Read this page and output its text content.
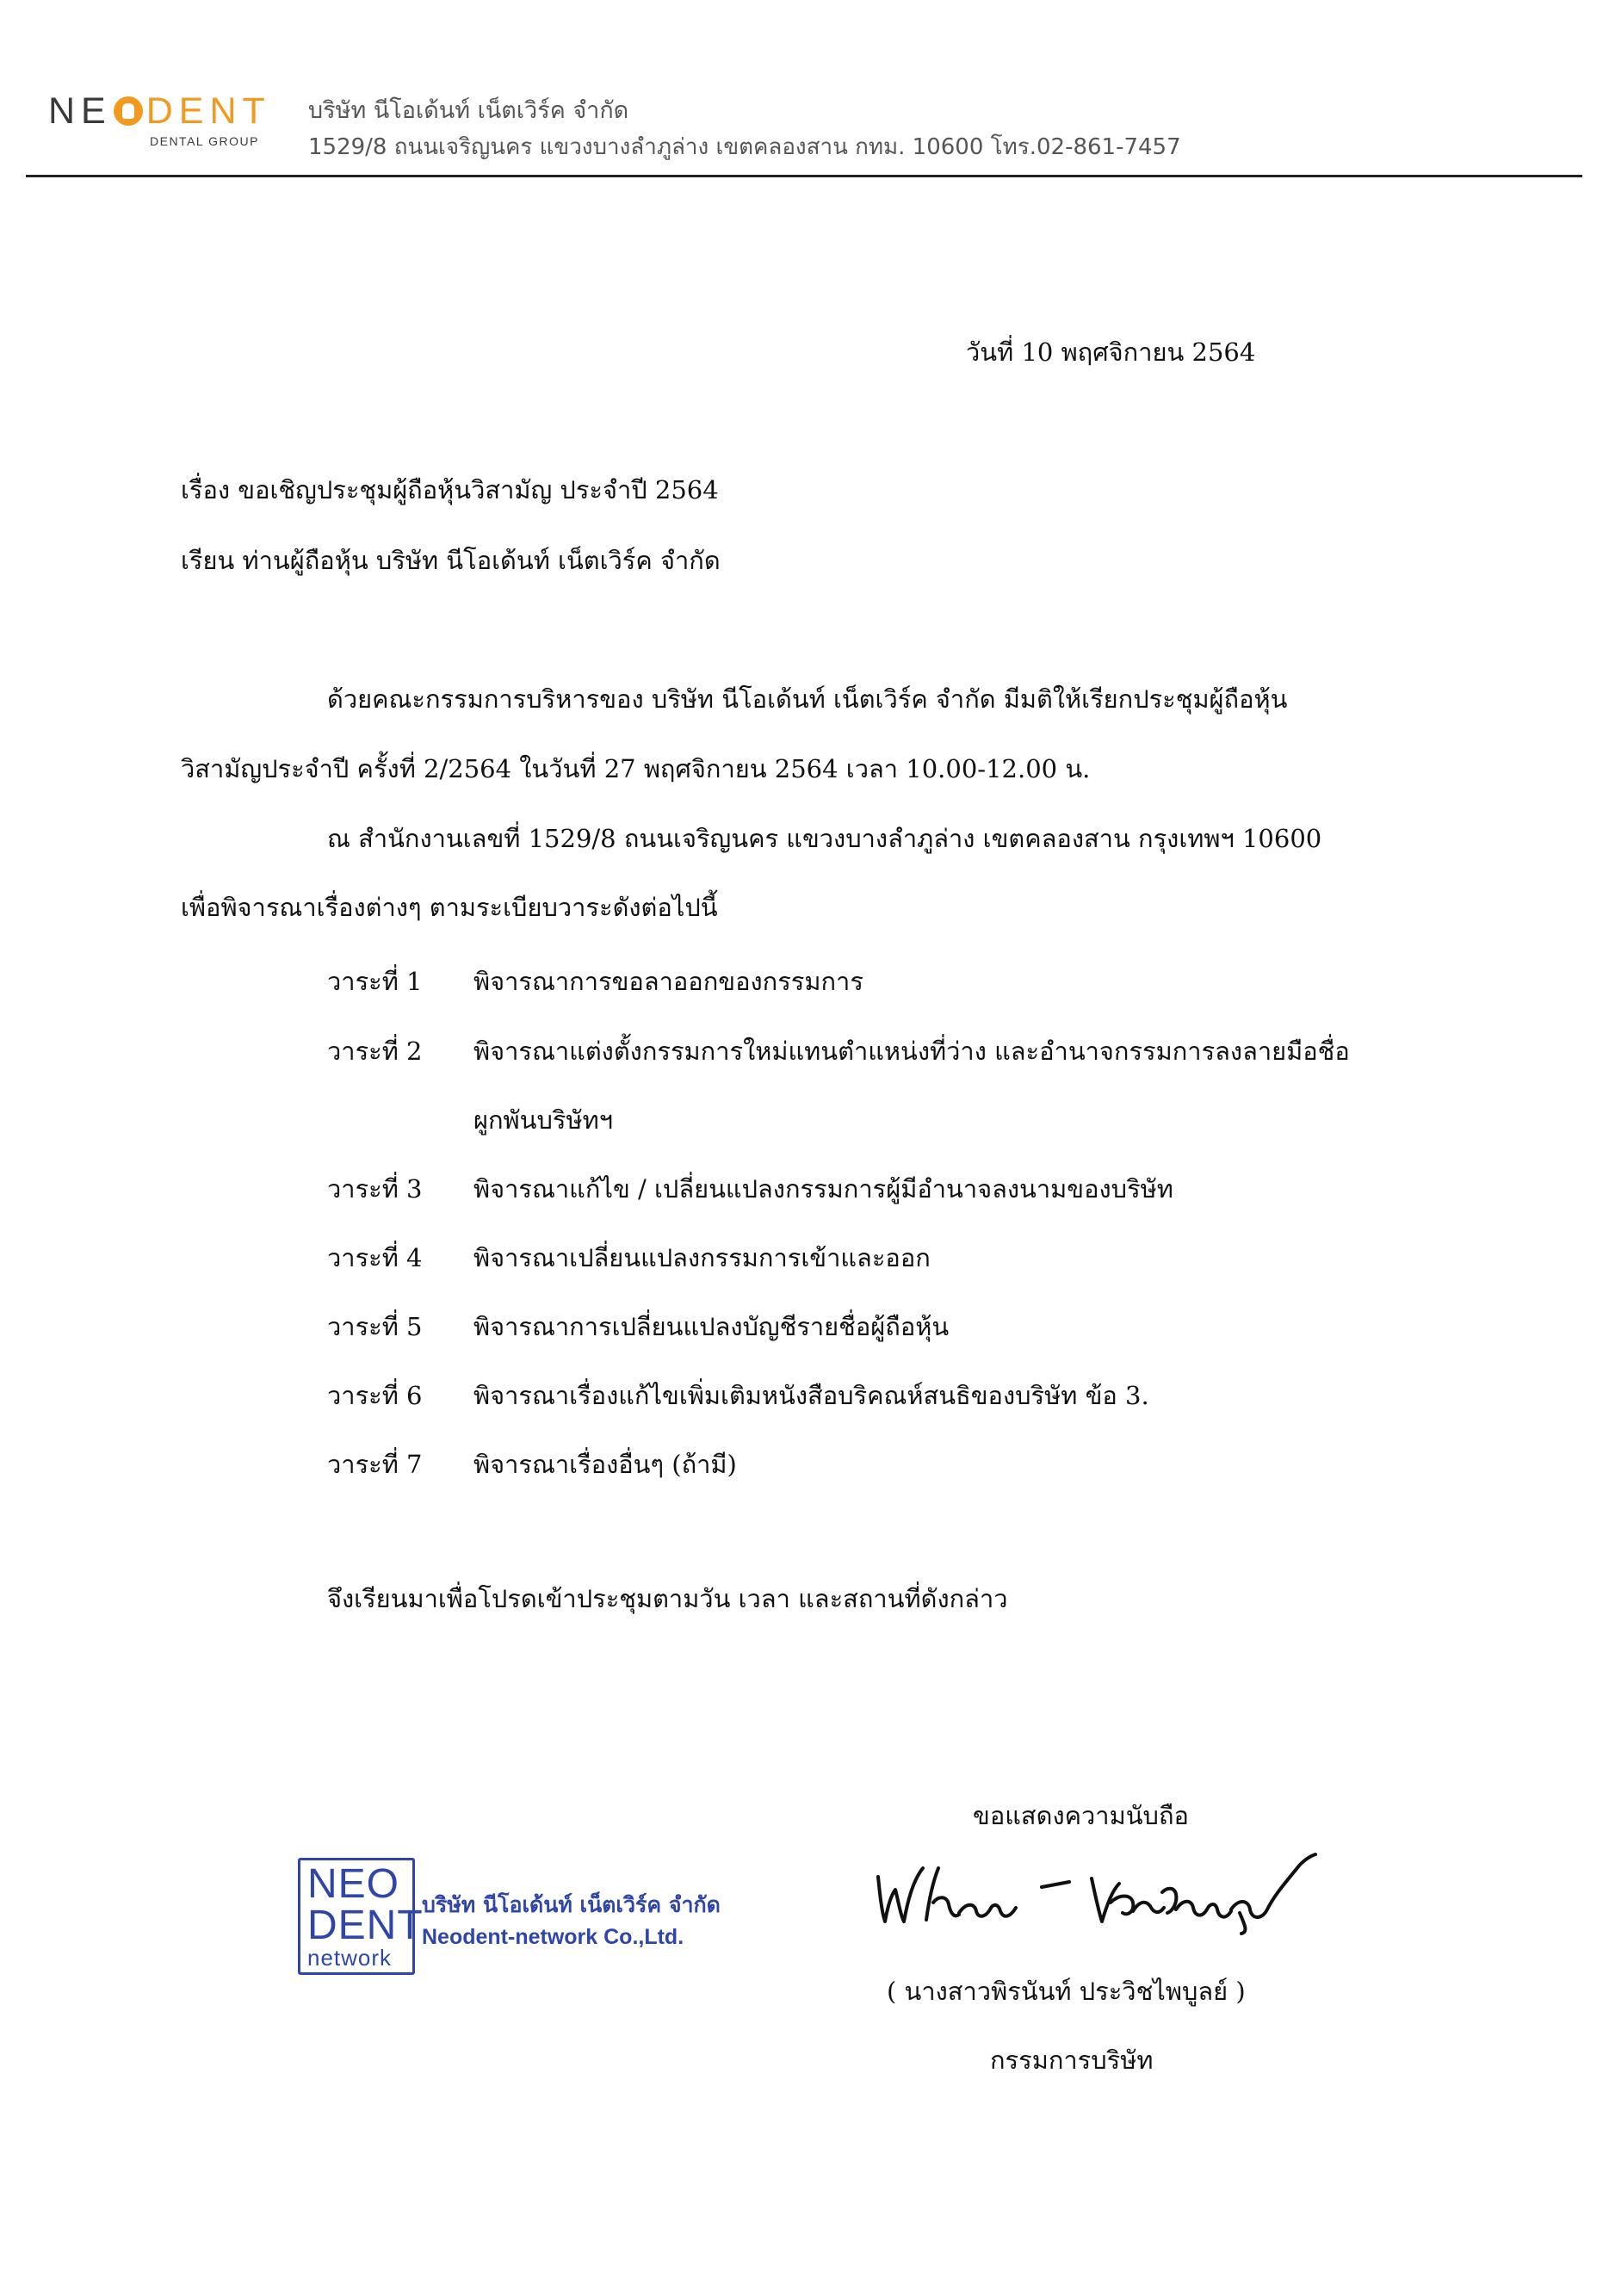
NE DENT
DENTAL GROUP
บริษัท นีโอเด้นท์ เน็ตเวิร์ค จำกัด
1529/8 ถนนเจริญนคร แขวงบางลำภูล่าง เขตคลองสาน กทม. 10600 โทร.02-861-7457
วันที่ 10 พฤศจิกายน 2564
เรื่อง ขอเชิญประชุมผู้ถือหุ้นวิสามัญ ประจำปี 2564
เรียน ท่านผู้ถือหุ้น บริษัท นีโอเด้นท์ เน็ตเวิร์ค จำกัด
ด้วยคณะกรรมการบริหารของ บริษัท นีโอเด้นท์ เน็ตเวิร์ค จำกัด มีมติให้เรียกประชุมผู้ถือหุ้น
วิสามัญประจำปี ครั้งที่ 2/2564 ในวันที่ 27 พฤศจิกายน 2564 เวลา 10.00-12.00 น.
ณ สำนักงานเลขที่ 1529/8 ถนนเจริญนคร แขวงบางลำภูล่าง เขตคลองสาน กรุงเทพฯ 10600
เพื่อพิจารณาเรื่องต่างๆ ตามระเบียบวาระดังต่อไปนี้
วาระที่ 1 พิจารณาการขอลาออกของกรรมการ
วาระที่ 2 พิจารณาแต่งตั้งกรรมการใหม่แทนตำแหน่งที่ว่าง และอำนาจกรรมการลงลายมือชื่อ
ผูกพันบริษัทฯ
วาระที่ 3 พิจารณาแก้ไข / เปลี่ยนแปลงกรรมการผู้มีอำนาจลงนามของบริษัท
วาระที่ 4 พิจารณาเปลี่ยนแปลงกรรมการเข้าและออก
วาระที่ 5 พิจารณาการเปลี่ยนแปลงบัญชีรายชื่อผู้ถือหุ้น
วาระที่ 6 พิจารณาเรื่องแก้ไขเพิ่มเติมหนังสือบริคณห์สนธิของบริษัท ข้อ 3.
วาระที่ 7 พิจารณาเรื่องอื่นๆ (ถ้ามี)
จึงเรียนมาเพื่อโปรดเข้าประชุมตามวัน เวลา และสถานที่ดังกล่าว
NEO
DENT
network
บริษัท นีโอเด้นท์ เน็ตเวิร์ค จำกัด
Neodent-network Co.,Ltd.
ขอแสดงความนับถือ
( นางสาวพิรนันท์ ประวิชไพบูลย์ )
กรรมการบริษัท
